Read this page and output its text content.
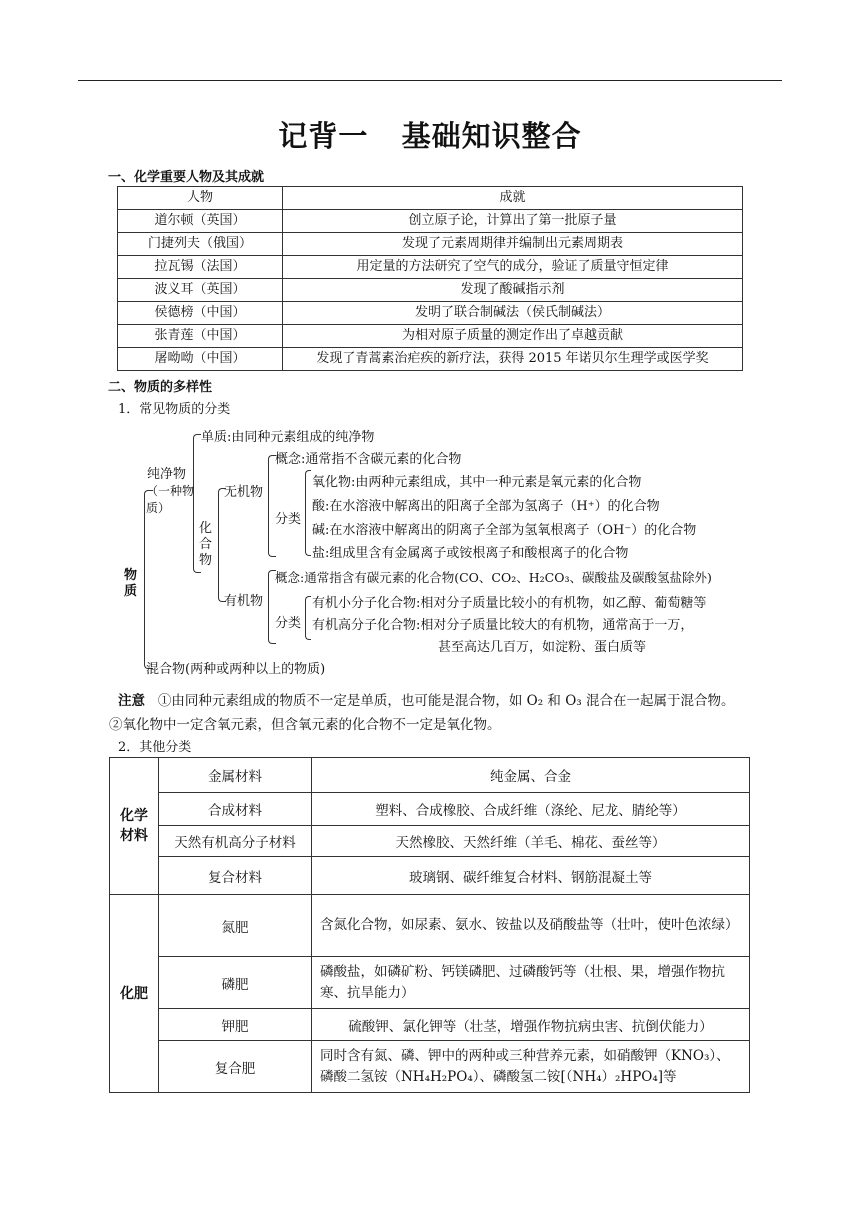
记背一   基础知识整合
一、化学重要人物及其成就
人物	成就
道尔顿（英国）	创立原子论，计算出了第一批原子量
门捷列夫（俄国）	发现了元素周期律并编制出元素周期表
拉瓦锡（法国）	用定量的方法研究了空气的成分，验证了质量守恒定律
波义耳（英国）	发现了酸碱指示剂
侯德榜（中国）	发明了联合制碱法（侯氏制碱法）
张青莲（中国）	为相对原子质量的测定作出了卓越贡献
屠呦呦（中国）	发现了青蒿素治疟疾的新疗法，获得 2015 年诺贝尔生理学或医学奖
二、物质的多样性
1．常见物质的分类
物质
纯净物
（一种物质）
单质:由同种元素组成的纯净物
化合物
无机物
概念:通常指不含碳元素的化合物
分类
氧化物:由两种元素组成，其中一种元素是氧元素的化合物
酸:在水溶液中解离出的阳离子全部为氢离子（H⁺）的化合物
碱:在水溶液中解离出的阴离子全部为氢氧根离子（OH⁻）的化合物
盐:组成里含有金属离子或铵根离子和酸根离子的化合物
有机物
概念:通常指含有碳元素的化合物(CO、CO₂、H₂CO₃、碳酸盐及碳酸氢盐除外)
分类
有机小分子化合物:相对分子质量比较小的有机物，如乙醇、葡萄糖等
有机高分子化合物:相对分子质量比较大的有机物，通常高于一万，
甚至高达几百万，如淀粉、蛋白质等
混合物(两种或两种以上的物质)
注意 ①由同种元素组成的物质不一定是单质，也可能是混合物，如 O₂ 和 O₃ 混合在一起属于混合物。
②氧化物中一定含氧元素，但含氧元素的化合物不一定是氧化物。
2．其他分类
化学材料	金属材料	纯金属、合金
	合成材料	塑料、合成橡胶、合成纤维（涤纶、尼龙、腈纶等）
	天然有机高分子材料	天然橡胶、天然纤维（羊毛、棉花、蚕丝等）
	复合材料	玻璃钢、碳纤维复合材料、钢筋混凝土等
化肥	氮肥	含氮化合物，如尿素、氨水、铵盐以及硝酸盐等（壮叶，使叶色浓绿）
	磷肥	磷酸盐，如磷矿粉、钙镁磷肥、过磷酸钙等（壮根、果，增强作物抗寒、抗旱能力）
	钾肥	硫酸钾、氯化钾等（壮茎，增强作物抗病虫害、抗倒伏能力）
	复合肥	同时含有氮、磷、钾中的两种或三种营养元素，如硝酸钾（KNO₃）、磷酸二氢铵（NH₄H₂PO₄）、磷酸氢二铵[（NH₄）₂HPO₄]等
